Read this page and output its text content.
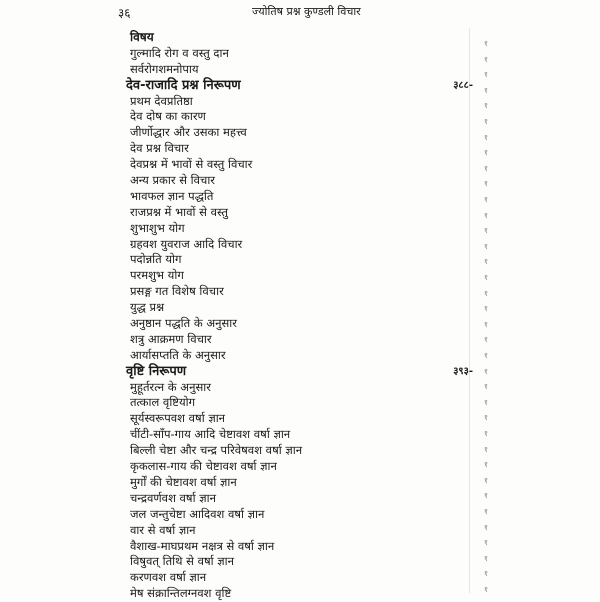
३६	ज्योतिष प्रश्न कुण्डली विचार
१
१
१
१
१
१
१
१
१
१
१
१
१
१
१
१
१
१
१
१
१
१
१
१
१
१
१
१
१
१
१
१
१
१
१
१
विषय
गुल्मादि रोग व वस्तु दान
सर्वरोगशमनोपाय
देव-राजादि प्रश्न निरूपण	३८८-
प्रथम देवप्रतिष्ठा
देव दोष का कारण
जीर्णोद्धार और उसका महत्त्व
देव प्रश्न विचार
देवप्रश्न में भावों से वस्तु विचार
अन्य प्रकार से विचार
भावफल ज्ञान पद्धति
राजप्रश्न में भावों से वस्तु
शुभाशुभ योग
ग्रहवश युवराज आदि विचार
पदोन्नति योग
परमशुभ योग
प्रसङ्ग गत विशेष विचार
युद्ध प्रश्न
अनुष्ठान पद्धति के अनुसार
शत्रु आक्रमण विचार
आर्यासप्तति के अनुसार
वृष्टि निरूपण	३९३-
मुहूर्तरत्न के अनुसार
तत्काल वृष्टियोग
सूर्यस्वरूपवश वर्षा ज्ञान
चींटी-साँप-गाय आदि चेष्टावश वर्षा ज्ञान
बिल्ली चेष्टा और चन्द्र परिवेषवश वर्षा ज्ञान
कृकलास-गाय की चेष्टावश वर्षा ज्ञान
मुर्गों की चेष्टावश वर्षा ज्ञान
चन्द्रवर्णवश वर्षा ज्ञान
जल जन्तुचेष्टा आदिवश वर्षा ज्ञान
वार से वर्षा ज्ञान
वैशाख-माघप्रथम नक्षत्र से वर्षा ज्ञान
विषुवत् तिथि से वर्षा ज्ञान
करणवश वर्षा ज्ञान
मेष संक्रान्तिलग्नवश वृष्टि
